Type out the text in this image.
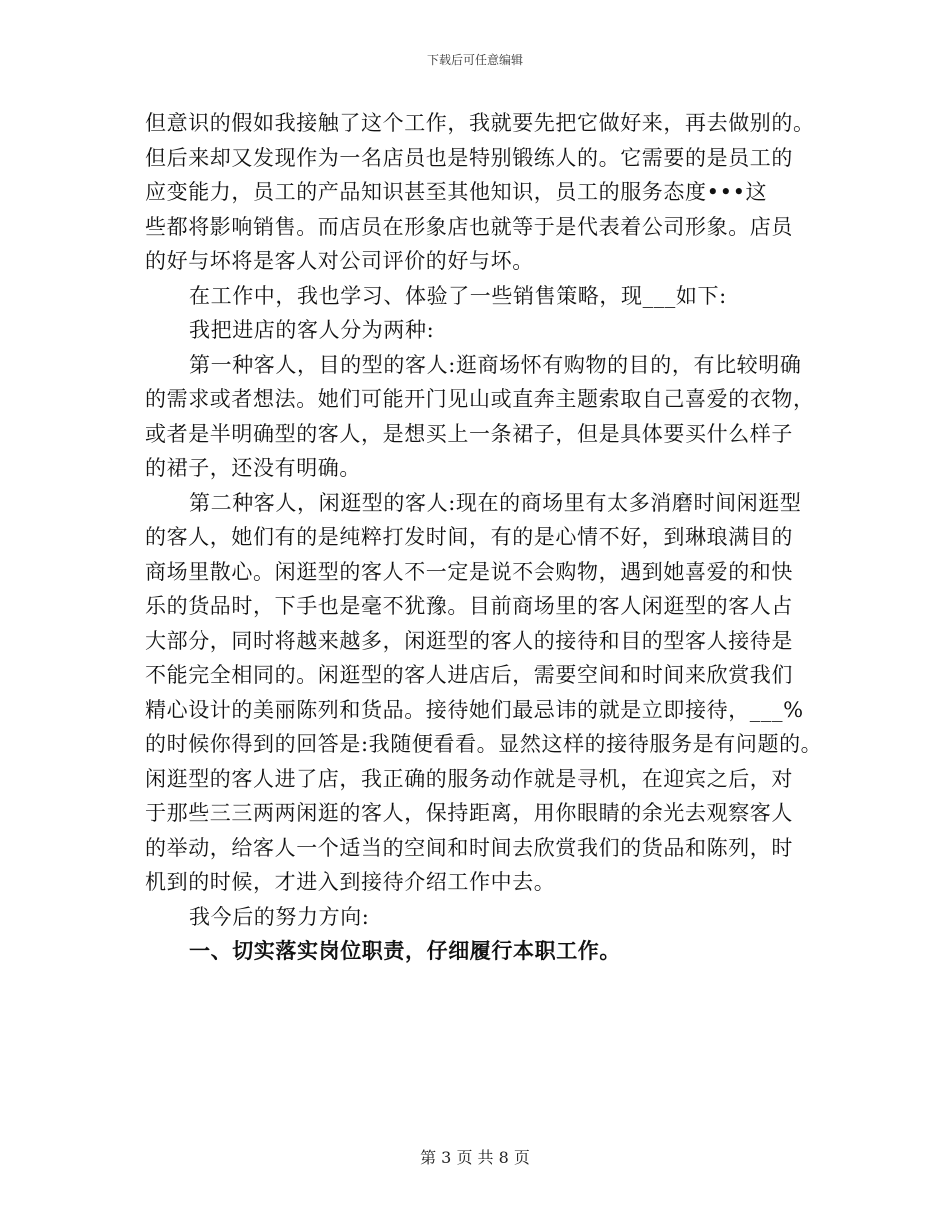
下载后可任意编辑
但意识的假如我接触了这个工作，我就要先把它做好来，再去做别的。
但后来却又发现作为一名店员也是特别锻练人的。它需要的是员工的
应变能力，员工的产品知识甚至其他知识，员工的服务态度•••这
些都将影响销售。而店员在形象店也就等于是代表着公司形象。店员
的好与坏将是客人对公司评价的好与坏。
在工作中，我也学习、体验了一些销售策略，现___如下:
我把进店的客人分为两种:
第一种客人，目的型的客人:逛商场怀有购物的目的，有比较明确
的需求或者想法。她们可能开门见山或直奔主题索取自己喜爱的衣物，
或者是半明确型的客人，是想买上一条裙子，但是具体要买什么样子
的裙子，还没有明确。
第二种客人，闲逛型的客人:现在的商场里有太多消磨时间闲逛型
的客人，她们有的是纯粹打发时间，有的是心情不好，到琳琅满目的
商场里散心。闲逛型的客人不一定是说不会购物，遇到她喜爱的和快
乐的货品时，下手也是毫不犹豫。目前商场里的客人闲逛型的客人占
大部分，同时将越来越多，闲逛型的客人的接待和目的型客人接待是
不能完全相同的。闲逛型的客人进店后，需要空间和时间来欣赏我们
精心设计的美丽陈列和货品。接待她们最忌讳的就是立即接待，___%
的时候你得到的回答是:我随便看看。显然这样的接待服务是有问题的。
闲逛型的客人进了店，我正确的服务动作就是寻机，在迎宾之后，对
于那些三三两两闲逛的客人，保持距离，用你眼睛的余光去观察客人
的举动，给客人一个适当的空间和时间去欣赏我们的货品和陈列，时
机到的时候，才进入到接待介绍工作中去。
我今后的努力方向:
一、切实落实岗位职责，仔细履行本职工作。
第 3 页 共 8 页
